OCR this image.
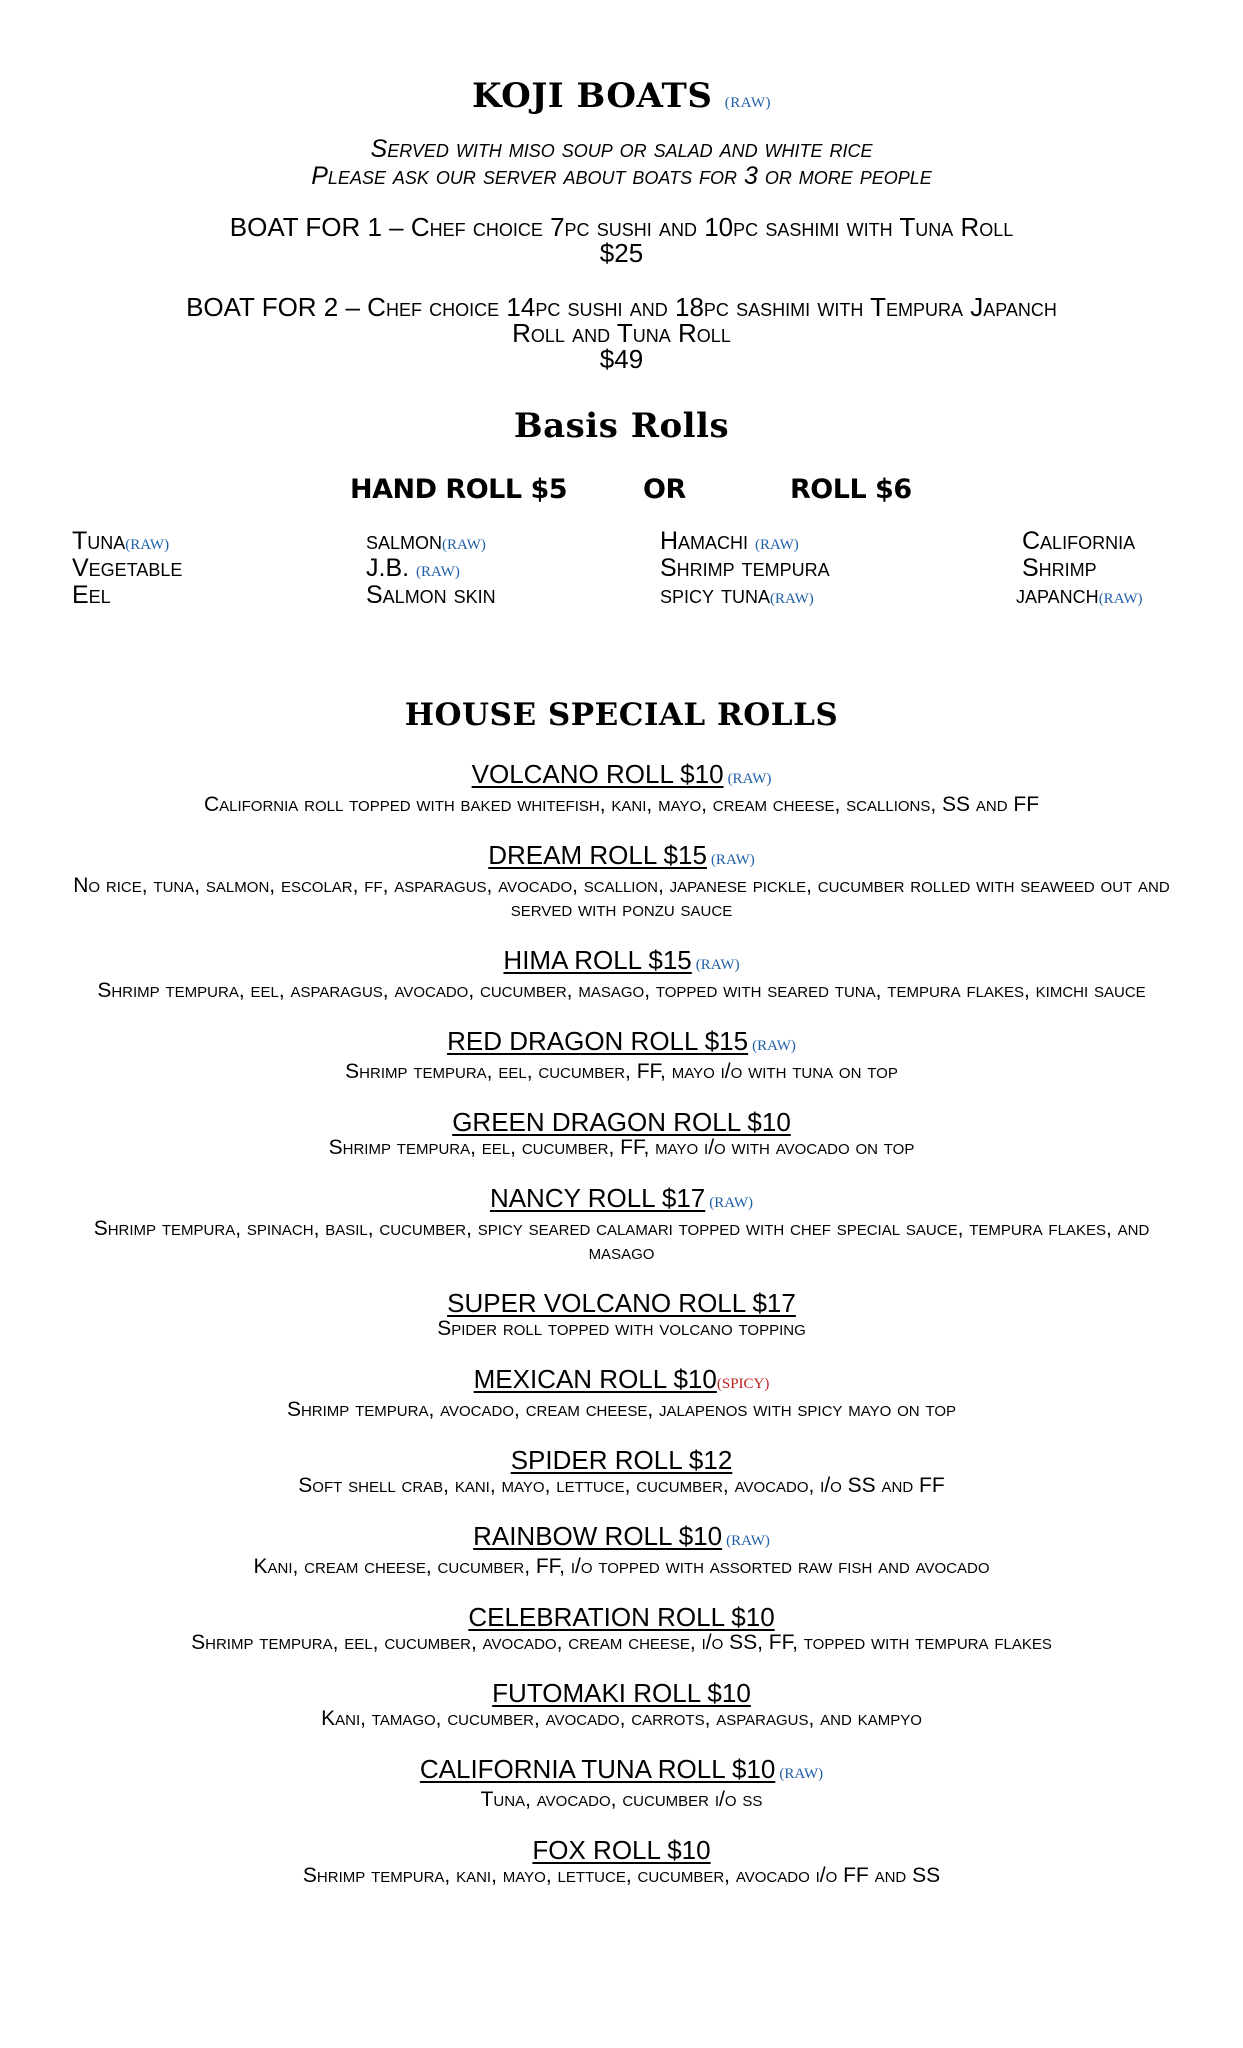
KOJI BOATS (RAW)
Served with miso soup or salad and white rice
Please ask our server about boats for 3 or more people
BOAT FOR 1 – Chef choice 7pc sushi and 10pc sashimi with Tuna Roll
$25
BOAT FOR 2 – Chef choice 14pc sushi and 18pc sashimi with Tempura Japanch
Roll and Tuna Roll
$49
Basis Rolls
HAND ROLL $5	OR	ROLL $6
Tuna(RAW)
Vegetable
Eel
salmon(RAW)
J.B. (RAW)
Salmon skin
Hamachi (RAW)
Shrimp tempura
spicy tuna(RAW)
California
Shrimp
japanch(RAW)
HOUSE SPECIAL ROLLS
VOLCANO ROLL $10 (RAW)
California roll topped with baked whitefish, kani, mayo, cream cheese, scallions, SS and FF
DREAM ROLL $15 (RAW)
No rice, tuna, salmon, escolar, ff, asparagus, avocado, scallion, japanese pickle, cucumber rolled with seaweed out and served with ponzu sauce
HIMA ROLL $15 (RAW)
Shrimp tempura, eel, asparagus, avocado, cucumber, masago, topped with seared tuna, tempura flakes, kimchi sauce
RED DRAGON ROLL $15 (RAW)
Shrimp tempura, eel, cucumber, FF, mayo i/o with tuna on top
GREEN DRAGON ROLL $10
Shrimp tempura, eel, cucumber, FF, mayo i/o with avocado on top
NANCY ROLL $17 (RAW)
Shrimp tempura, spinach, basil, cucumber, spicy seared calamari topped with chef special sauce, tempura flakes, and masago
SUPER VOLCANO ROLL $17
Spider roll topped with volcano topping
MEXICAN ROLL $10(SPICY)
Shrimp tempura, avocado, cream cheese, jalapenos with spicy mayo on top
SPIDER ROLL $12
Soft shell crab, kani, mayo, lettuce, cucumber, avocado, i/o SS and FF
RAINBOW ROLL $10 (RAW)
Kani, cream cheese, cucumber, FF, i/o topped with assorted raw fish and avocado
CELEBRATION ROLL $10
Shrimp tempura, eel, cucumber, avocado, cream cheese, i/o SS, FF, topped with tempura flakes
FUTOMAKI ROLL $10
Kani, tamago, cucumber, avocado, carrots, asparagus, and kampyo
CALIFORNIA TUNA ROLL $10 (RAW)
Tuna, avocado, cucumber i/o ss
FOX ROLL $10
Shrimp tempura, kani, mayo, lettuce, cucumber, avocado i/o FF and SS
